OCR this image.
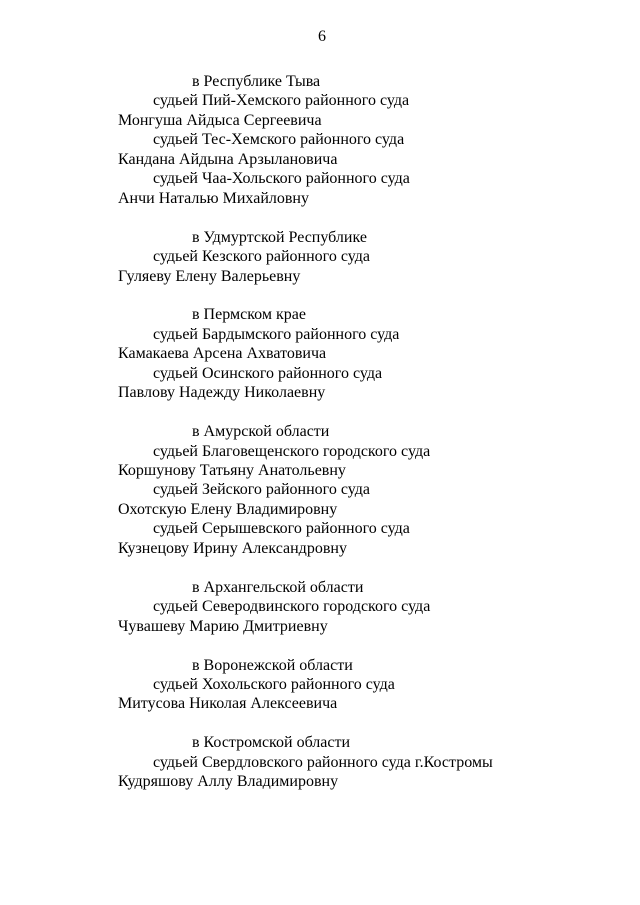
6
в Республике Тыва
судьей Пий-Хемского районного суда
Монгуша Айдыса Сергеевича
судьей Тес-Хемского районного суда
Кандана Айдына Арзылановича
судьей Чаа-Хольского районного суда
Анчи Наталью Михайловну
в Удмуртской Республике
судьей Кезского районного суда
Гуляеву Елену Валерьевну
в Пермском крае
судьей Бардымского районного суда
Камакаева Арсена Ахватовича
судьей Осинского районного суда
Павлову Надежду Николаевну
в Амурской области
судьей Благовещенского городского суда
Коршунову Татьяну Анатольевну
судьей Зейского районного суда
Охотскую Елену Владимировну
судьей Серышевского районного суда
Кузнецову Ирину Александровну
в Архангельской области
судьей Северодвинского городского суда
Чувашеву Марию Дмитриевну
в Воронежской области
судьей Хохольского районного суда
Митусова Николая Алексеевича
в Костромской области
судьей Свердловского районного суда г.Костромы
Кудряшову Аллу Владимировну
